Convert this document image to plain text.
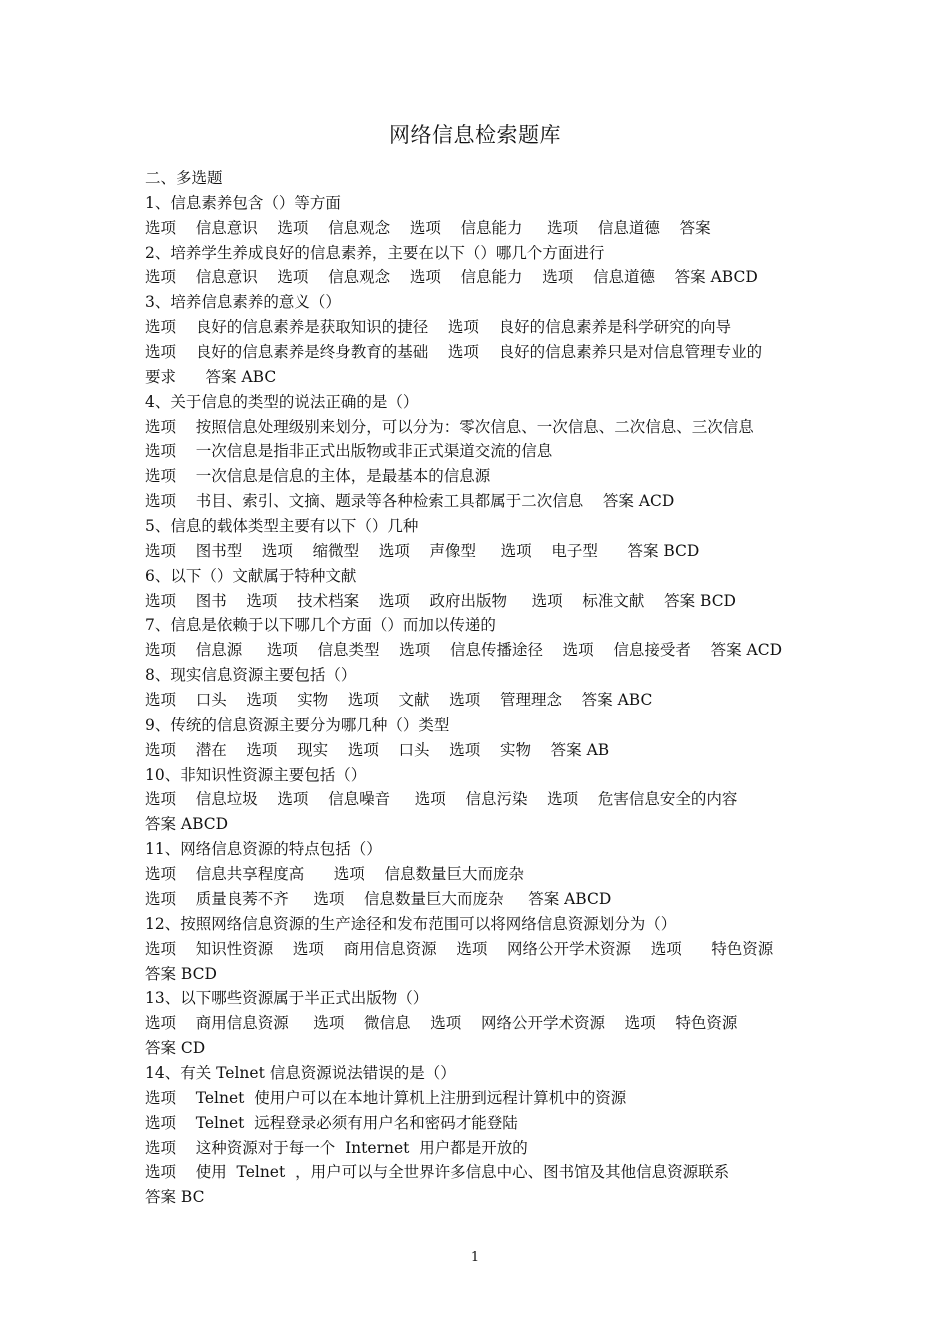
网络信息检索题库
二、多选题
1、信息素养包含（）等方面
选项    信息意识    选项    信息观念    选项    信息能力     选项    信息道德    答案
2、培养学生养成良好的信息素养，主要在以下（）哪几个方面进行
选项    信息意识    选项    信息观念    选项    信息能力    选项    信息道德    答案 ABCD
3、培养信息素养的意义（）
选项    良好的信息素养是获取知识的捷径    选项    良好的信息素养是科学研究的向导
选项    良好的信息素养是终身教育的基础    选项    良好的信息素养只是对信息管理专业的
要求      答案 ABC
4、关于信息的类型的说法正确的是（）
选项    按照信息处理级别来划分，可以分为：零次信息、一次信息、二次信息、三次信息
选项    一次信息是指非正式出版物或非正式渠道交流的信息
选项    一次信息是信息的主体，是最基本的信息源
选项    书目、索引、文摘、题录等各种检索工具都属于二次信息    答案 ACD
5、信息的载体类型主要有以下（）几种
选项    图书型    选项    缩微型    选项    声像型     选项    电子型      答案 BCD
6、以下（）文献属于特种文献
选项    图书    选项    技术档案    选项    政府出版物     选项    标准文献    答案 BCD
7、信息是依赖于以下哪几个方面（）而加以传递的
选项    信息源     选项    信息类型    选项    信息传播途径    选项    信息接受者    答案 ACD
8、现实信息资源主要包括（）
选项    口头    选项    实物    选项    文献    选项    管理理念    答案 ABC
9、传统的信息资源主要分为哪几种（）类型
选项    潜在    选项    现实    选项    口头    选项    实物    答案 AB
10、非知识性资源主要包括（）
选项    信息垃圾    选项    信息噪音     选项    信息污染    选项    危害信息安全的内容
答案 ABCD
11、网络信息资源的特点包括（）
选项    信息共享程度高      选项    信息数量巨大而庞杂
选项    质量良莠不齐     选项    信息数量巨大而庞杂     答案 ABCD
12、按照网络信息资源的生产途径和发布范围可以将网络信息资源划分为（）
选项    知识性资源    选项    商用信息资源    选项    网络公开学术资源    选项      特色资源
答案 BCD
13、以下哪些资源属于半正式出版物（）
选项    商用信息资源     选项    微信息    选项    网络公开学术资源    选项    特色资源
答案 CD
14、有关 Telnet 信息资源说法错误的是（）
选项    Telnet  使用户可以在本地计算机上注册到远程计算机中的资源
选项    Telnet  远程登录必须有用户名和密码才能登陆
选项    这种资源对于每一个  Internet  用户都是开放的
选项    使用  Telnet  ，用户可以与全世界许多信息中心、图书馆及其他信息资源联系
答案 BC
1
